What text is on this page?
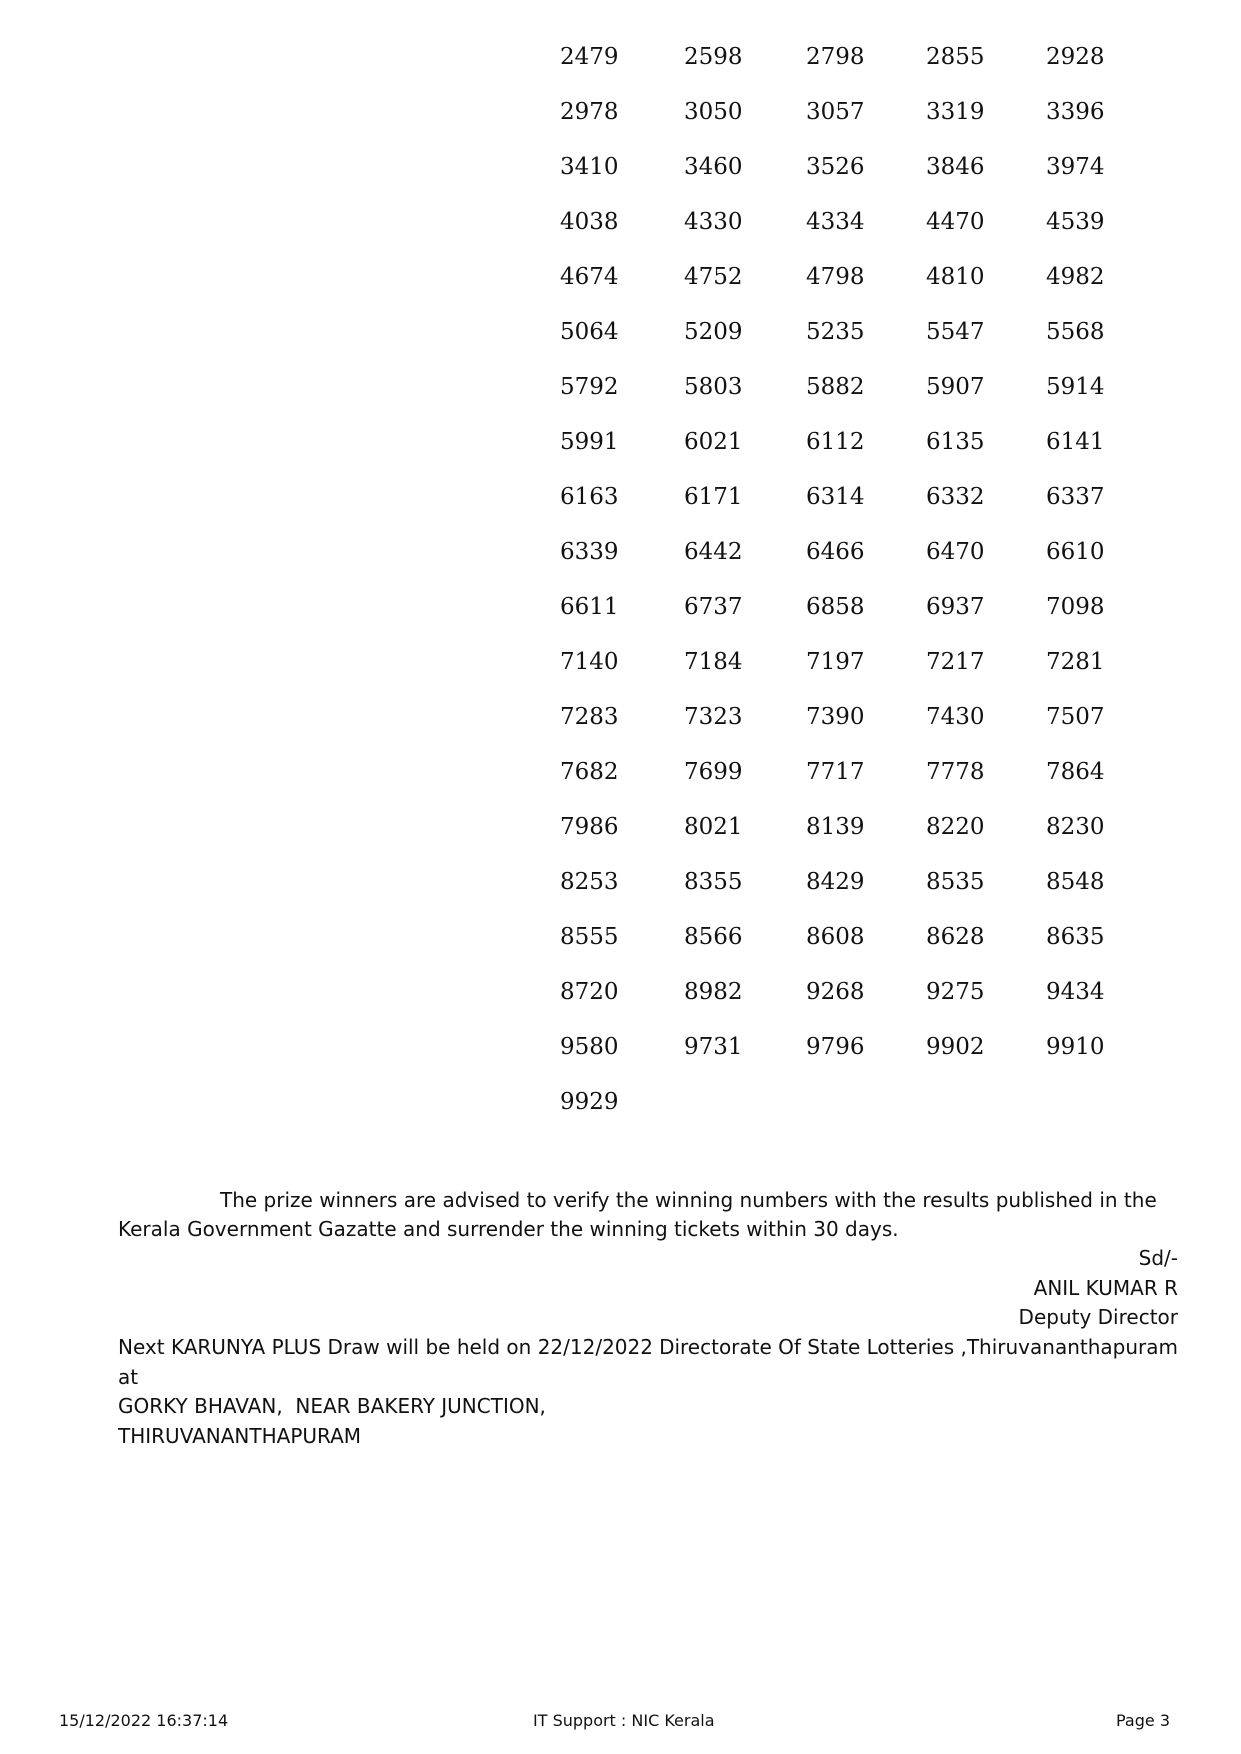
2479	2598	2798	2855	2928
2978	3050	3057	3319	3396
3410	3460	3526	3846	3974
4038	4330	4334	4470	4539
4674	4752	4798	4810	4982
5064	5209	5235	5547	5568
5792	5803	5882	5907	5914
5991	6021	6112	6135	6141
6163	6171	6314	6332	6337
6339	6442	6466	6470	6610
6611	6737	6858	6937	7098
7140	7184	7197	7217	7281
7283	7323	7390	7430	7507
7682	7699	7717	7778	7864
7986	8021	8139	8220	8230
8253	8355	8429	8535	8548
8555	8566	8608	8628	8635
8720	8982	9268	9275	9434
9580	9731	9796	9902	9910
9929

The prize winners are advised to verify the winning numbers with the results published in the Kerala Government Gazatte and surrender the winning tickets within 30 days.

Sd/-
ANIL KUMAR R
Deputy Director
Directorate Of State Lotteries ,Thiruvananthapuram
Next KARUNYA PLUS Draw will be held on 22/12/2022 at
GORKY BHAVAN,  NEAR BAKERY JUNCTION,
THIRUVANANTHAPURAM
15/12/2022 16:37:14	IT Support : NIC Kerala	Page 3
